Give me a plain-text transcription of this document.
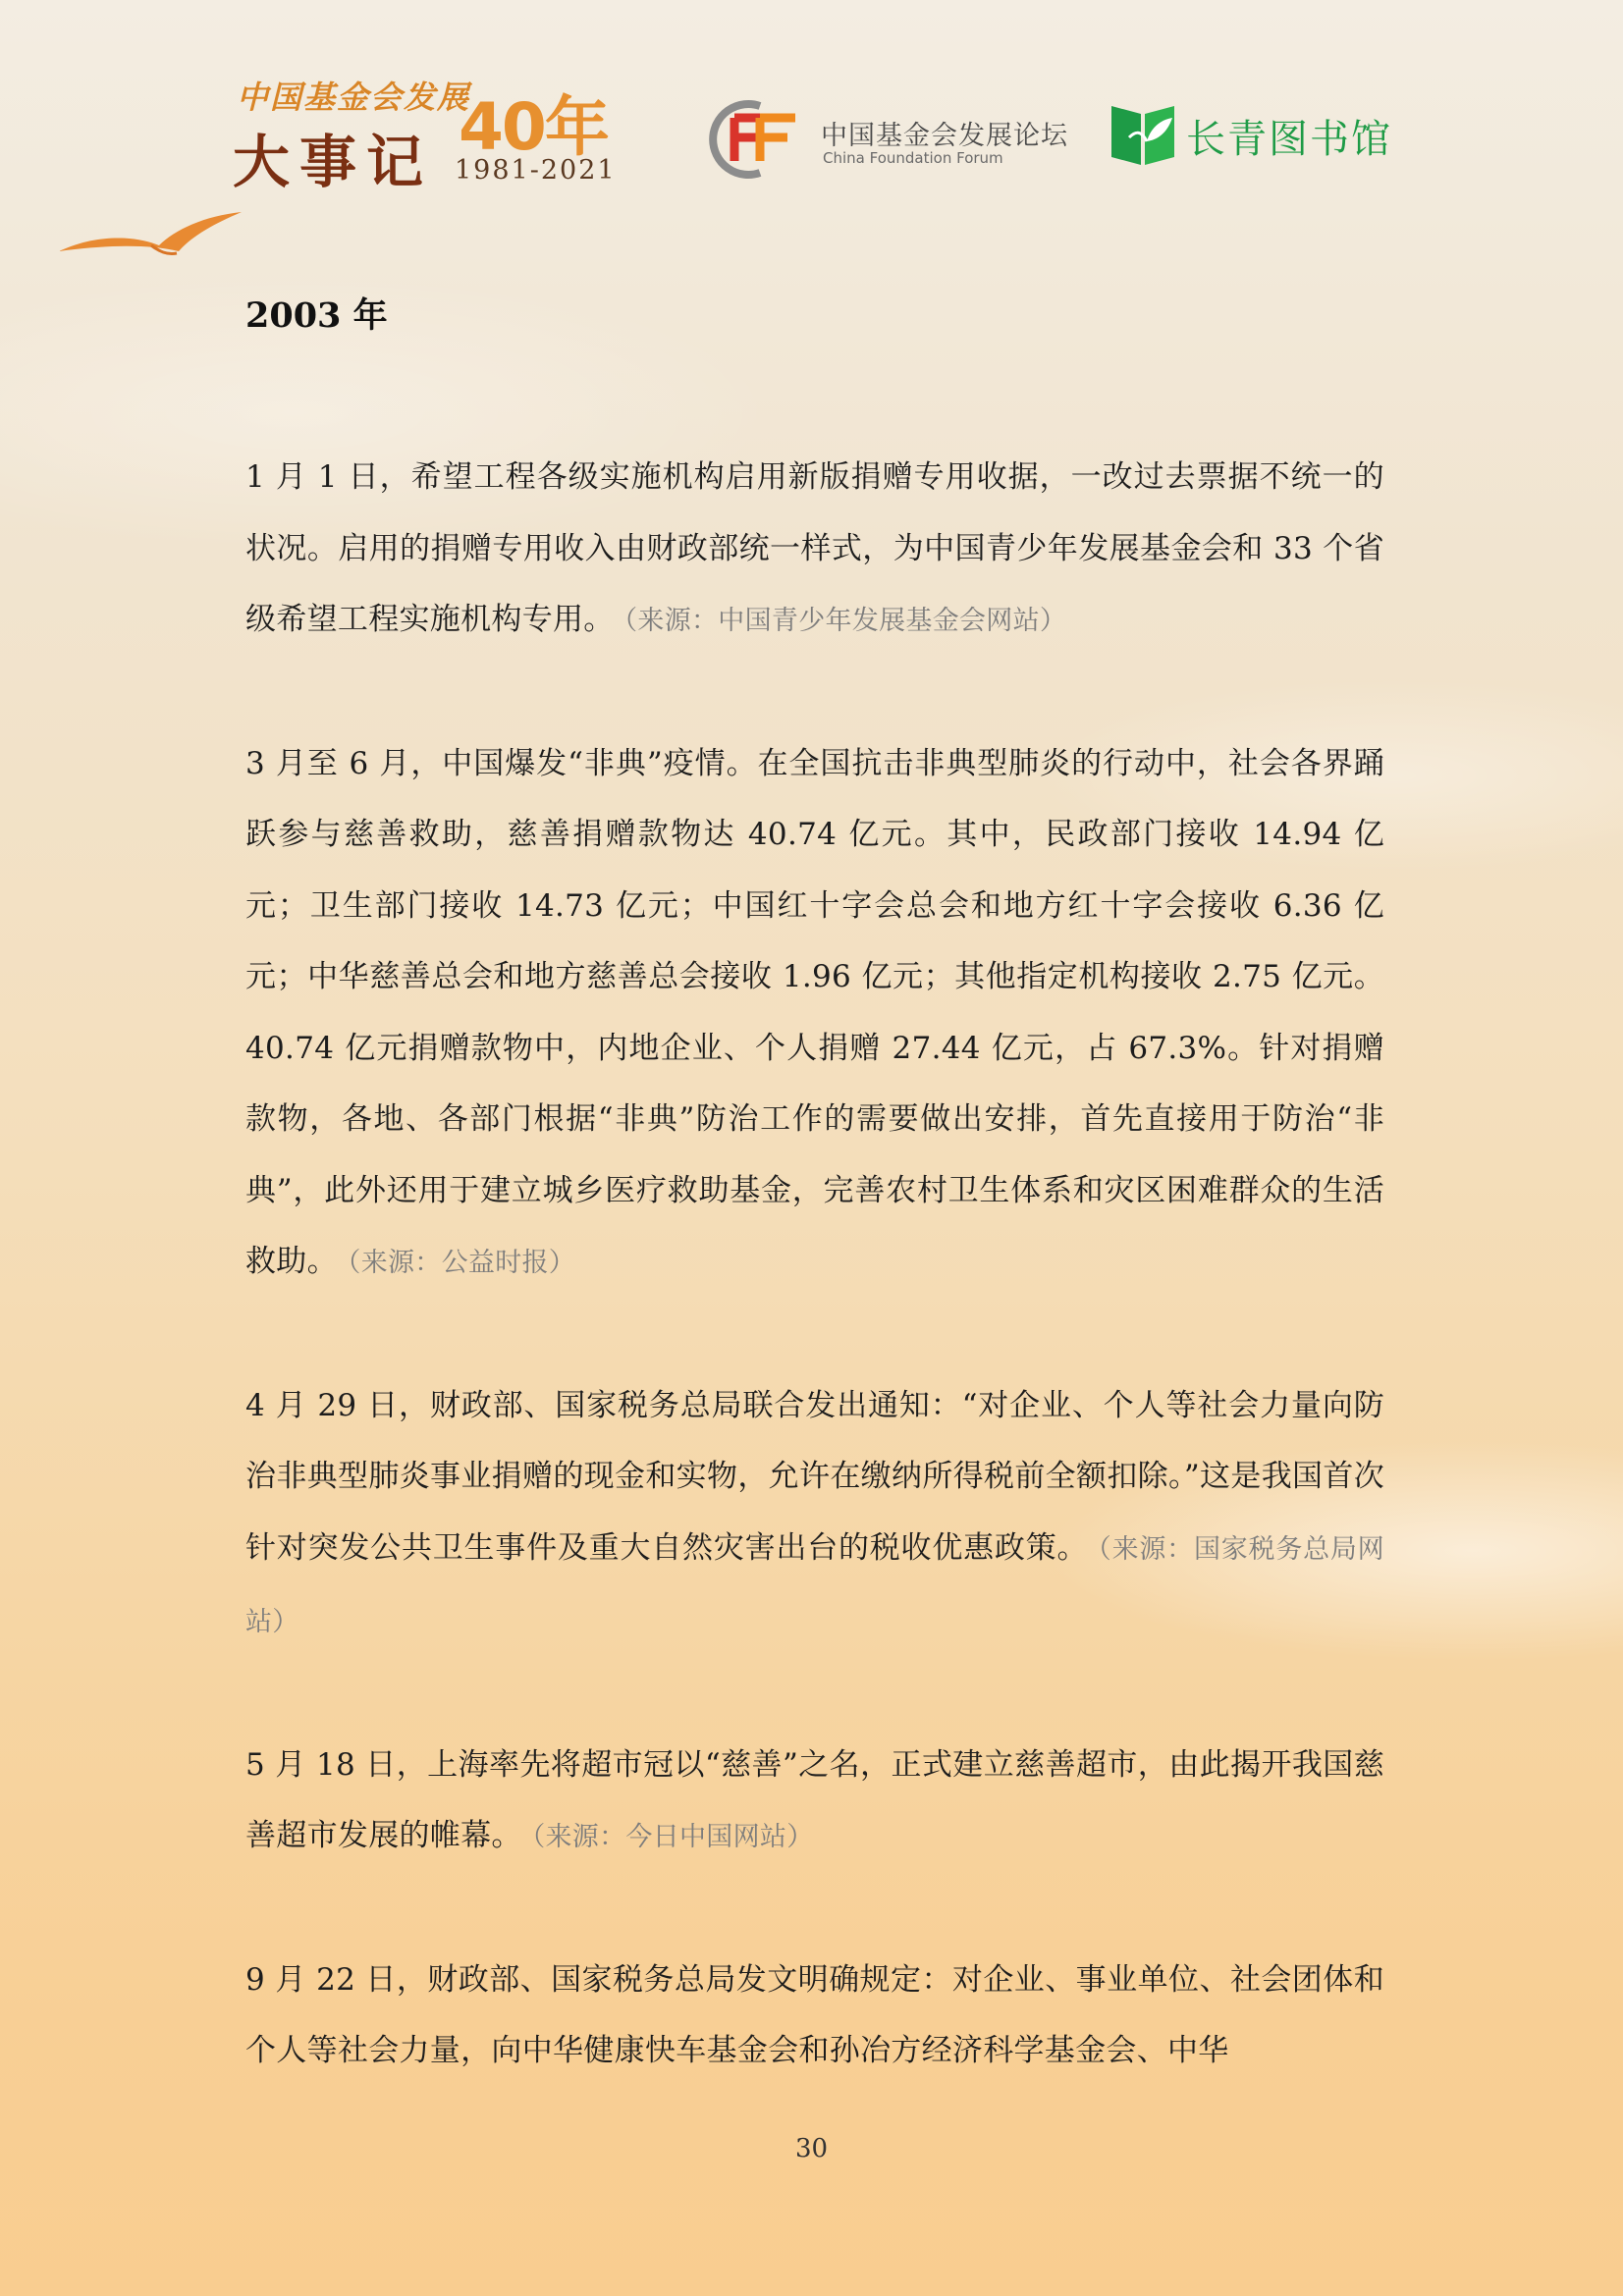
中国基金会发展
大事记 40年
1981-2021
中国基金会发展论坛
China Foundation Forum	长青图书馆
2003 年

1 月 1 日，希望工程各级实施机构启用新版捐赠专用收据，一改过去票据不统一的状况。启用的捐赠专用收入由财政部统一样式，为中国青少年发展基金会和 33 个省级希望工程实施机构专用。 （来源：中国青少年发展基金会网站）

3 月至 6 月，中国爆发“非典”疫情。在全国抗击非典型肺炎的行动中，社会各界踊跃参与慈善救助，慈善捐赠款物达 40.74 亿元。其中，民政部门接收 14.94 亿元；卫生部门接收 14.73 亿元；中国红十字会总会和地方红十字会接收 6.36 亿元；中华慈善总会和地方慈善总会接收 1.96 亿元；其他指定机构接收 2.75 亿元。40.74 亿元捐赠款物中，内地企业、个人捐赠 27.44 亿元，占 67.3%。针对捐赠款物，各地、各部门根据“非典”防治工作的需要做出安排，首先直接用于防治“非典”，此外还用于建立城乡医疗救助基金，完善农村卫生体系和灾区困难群众的生活救助。 （来源：公益时报）

4 月 29 日，财政部、国家税务总局联合发出通知：“对企业、个人等社会力量向防治非典型肺炎事业捐赠的现金和实物，允许在缴纳所得税前全额扣除。”这是我国首次针对突发公共卫生事件及重大自然灾害出台的税收优惠政策。 （来源：国家税务总局网站）

5 月 18 日，上海率先将超市冠以“慈善”之名，正式建立慈善超市，由此揭开我国慈善超市发展的帷幕。 （来源：今日中国网站）

9 月 22 日，财政部、国家税务总局发文明确规定：对企业、事业单位、社会团体和个人等社会力量，向中华健康快车基金会和孙冶方经济科学基金会、中华

30
